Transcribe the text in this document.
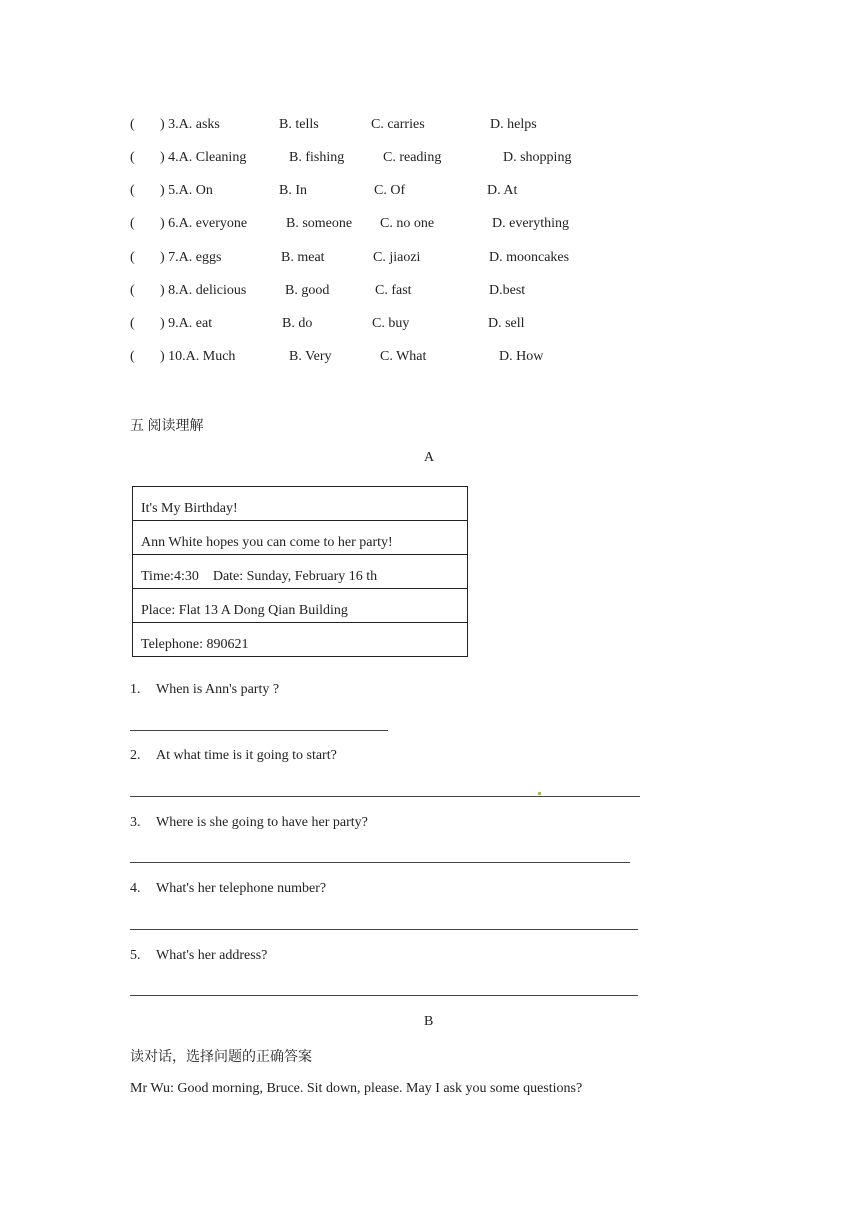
( ) 3.A. asks	B. tells	C. carries	D. helps
( ) 4.A. Cleaning	B. fishing	C. reading	D. shopping
( ) 5.A. On	B. In	C. Of	D. At
( ) 6.A. everyone	B. someone C. no one	D. everything
( ) 7.A. eggs	B. meat	C. jiaozi	D. mooncakes
( ) 8.A. delicious	B. good	C. fast	D.best
( ) 9.A. eat	B. do	C. buy	D. sell
( ) 10.A. Much	B. Very	C. What	D. How
五 阅读理解
A
It's My Birthday!
Ann White hopes you can come to her party!
Time:4:30    Date: Sunday, February 16 th
Place: Flat 13 A Dong Qian Building
Telephone: 890621
1. When is Ann's party ?
2. At what time is it going to start?
3. Where is she going to have her party?
4. What's her telephone number?
5. What's her address?
B
读对话，选择问题的正确答案
Mr Wu: Good morning, Bruce. Sit down, please. May I ask you some questions?
